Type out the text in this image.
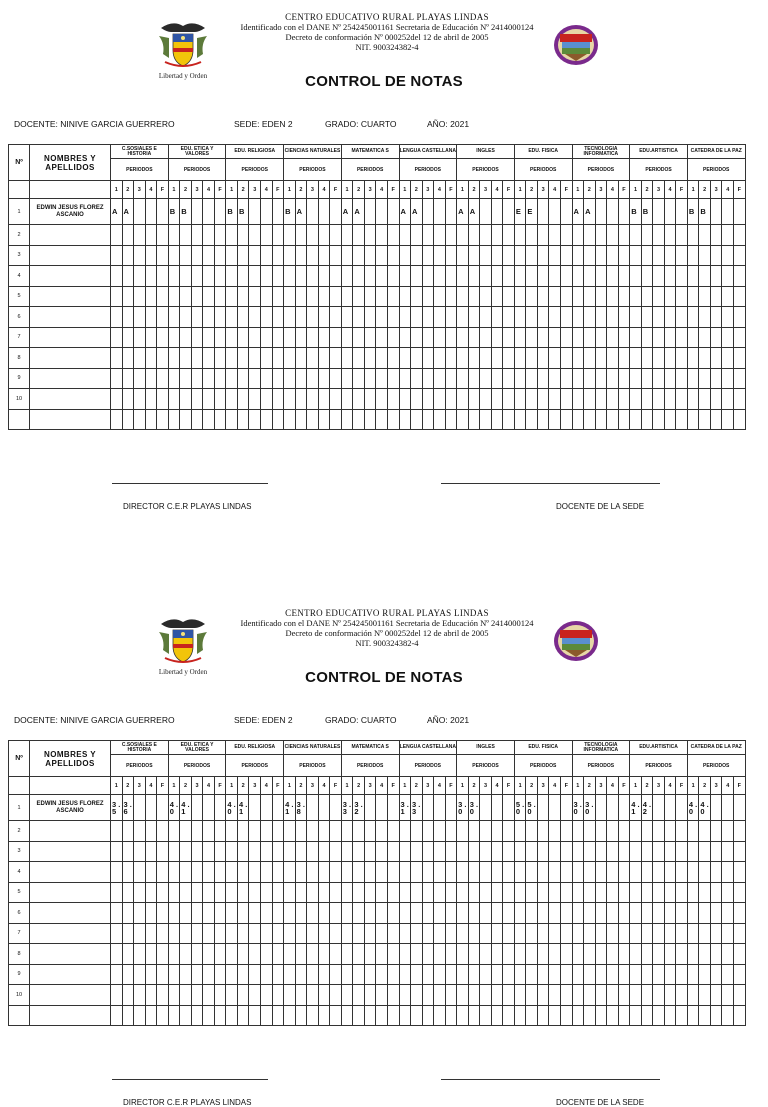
Libertad y Orden
CENTRO EDUCATIVO RURAL PLAYAS LINDAS
Identificado con el DANE Nº 254245001161 Secretaria de Educación Nº 2414000124
Decreto de conformación Nº 000252del 12 de abril de 2005
NIT. 900324382-4
CONTROL DE NOTAS
DOCENTE: NINIVE GARCIA GUERRERO	SEDE: EDEN 2	GRADO: CUARTO	AÑO: 2021
Nº	NOMBRES Y APELLIDOS	C.SOSIALES E HISTORIA					EDU. ETICA Y VALORES					EDU. RELIGIOSA					CIENCIAS NATURALES					MATEMATICA S					LENGUA CASTELLANA					INGLES					EDU. FISICA					TECNOLOGIA INFORMATICA					EDU.ARTISTICA					CATEDRA DE LA PAZ				
		PERIODOS					PERIODOS					PERIODOS					PERIODOS					PERIODOS					PERIODOS					PERIODOS					PERIODOS					PERIODOS					PERIODOS					PERIODOS				
		1	2	3	4	F	1	2	3	4	F	1	2	3	4	F	1	2	3	4	F	1	2	3	4	F	1	2	3	4	F	1	2	3	4	F	1	2	3	4	F	1	2	3	4	F	1	2	3	4	F	1	2	3	4	F
1	EDWIN JESUS FLOREZ ASCANIO	A	A				B	B				B	B				B	A				A	A				A	A				A	A				E	E				A	A				B	B				B	B			
2																																																								
3																																																								
4																																																								
5																																																								
6																																																								
7																																																								
8																																																								
9																																																								
10																																																								

DIRECTOR C.E.R PLAYAS LINDAS	DOCENTE DE LA SEDE
Libertad y Orden
CENTRO EDUCATIVO RURAL PLAYAS LINDAS
Identificado con el DANE Nº 254245001161 Secretaria de Educación Nº 2414000124
Decreto de conformación Nº 000252del 12 de abril de 2005
NIT. 900324382-4
CONTROL DE NOTAS
DOCENTE: NINIVE GARCIA GUERRERO	SEDE: EDEN 2	GRADO: CUARTO	AÑO: 2021
Nº	NOMBRES Y APELLIDOS	C.SOSIALES E HISTORIA					EDU. ETICA Y VALORES					EDU. RELIGIOSA					CIENCIAS NATURALES					MATEMATICA S					LENGUA CASTELLANA					INGLES					EDU. FISICA					TECNOLOGIA INFORMATICA					EDU.ARTISTICA					CATEDRA DE LA PAZ				
		PERIODOS					PERIODOS					PERIODOS					PERIODOS					PERIODOS					PERIODOS					PERIODOS					PERIODOS					PERIODOS					PERIODOS					PERIODOS				
		1	2	3	4	F	1	2	3	4	F	1	2	3	4	F	1	2	3	4	F	1	2	3	4	F	1	2	3	4	F	1	2	3	4	F	1	2	3	4	F	1	2	3	4	F	1	2	3	4	F	1	2	3	4	F
1	EDWIN JESUS FLOREZ ASCANIO	3 . 5	3 . 6				4 . 0	4 . 1				4 . 0	4 . 1				4 . 1	3 . 8				3 . 3	3 . 2				3 . 1	3 . 3				3 . 0	3 . 0				5 . 0	5 . 0				3 . 0	3 . 0				4 . 1	4 . 2				4 . 0	4 . 0			
2																																																								
3																																																								
4																																																								
5																																																								
6																																																								
7																																																								
8																																																								
9																																																								
10																																																								

DIRECTOR C.E.R PLAYAS LINDAS	DOCENTE DE LA SEDE
